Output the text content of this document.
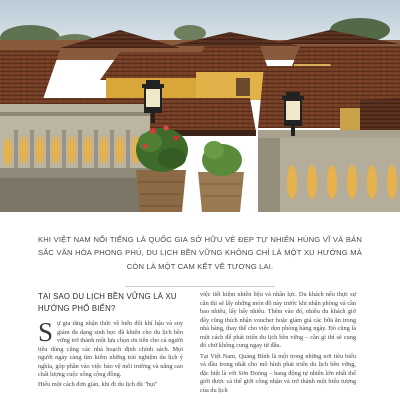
KHI VIỆT NAM NỔI TIẾNG LÀ QUỐC GIA SỞ HỮU VẺ ĐẸP TỰ NHIÊN HÙNG VĨ VÀ BẢN SẮC VĂN HÓA PHONG PHÚ, DU LỊCH BỀN VỮNG KHÔNG CHỈ LÀ MỘT XU HƯỚNG MÀ CÒN LÀ MỘT CAM KẾT VỀ TƯƠNG LAI.
TẠI SAO DU LỊCH BỀN VỮNG LÀ XU HƯỚNG PHỔ BIẾN?

S ự gia tăng nhận thức về biến đổi khí hậu và suy giảm đa dạng sinh học đã khiến cho du lịch bền vững trở thành một lựa chọn ưu tiên cho cả người tiêu dùng cũng các nhà hoạch định chính sách. Mọi người ngày càng tìm kiếm những trải nghiệm du lịch ý nghĩa, góp phần vào việc bảo vệ môi trường và nâng cao chất lượng cuộc sống cộng đồng.

Hiểu một cách đơn giản, khi đi du lịch đủ "bụi"

việc tiết kiệm nhiên liệu và nhân lực. Du khách nếu thực sự cân thì sẽ lấy những món đồ này trước khi nhận phòng và cần bao nhiêu, lấy bấy nhiêu. Thêm vào đó, nhiều du khách giờ đây cũng thích nhận voucher hoặc giảm giá các bữa ăn trong nhà hàng, thay thế cho việc dọn phòng hàng ngày. Đó cũng là một cách để phát triển du lịch bền vững – cần gì thì sẽ cung đó chứ không cung ngay từ đầu.

Tại Việt Nam, Quảng Bình là một trong những nơi tiêu biểu và đầu trong nhất cho mô hình phát triển du lịch bền vững, đặc biệt là với Sơn Đoòng – hang động tự nhiên lớn nhất thế giới được cả thế giới công nhận và trở thành một biểu tượng của du lịch
